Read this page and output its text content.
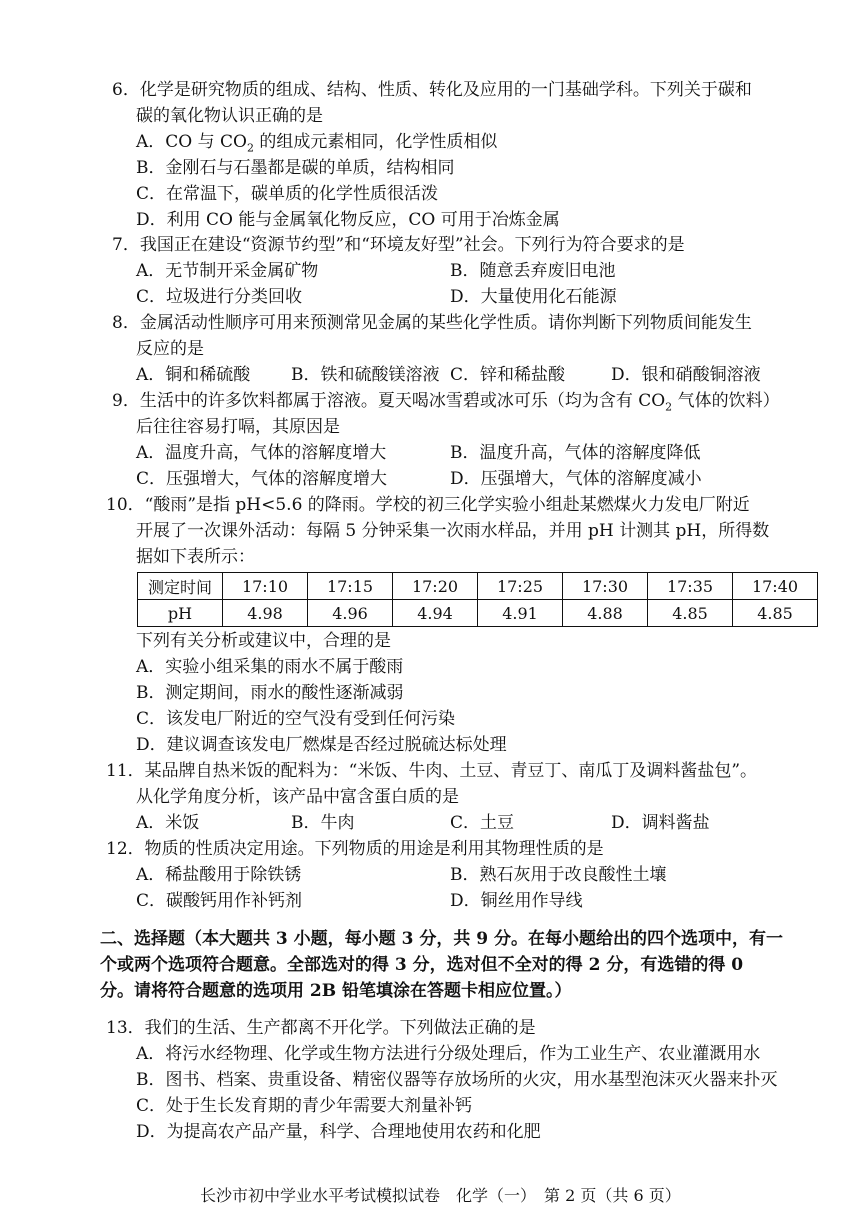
6．化学是研究物质的组成、结构、性质、转化及应用的一门基础学科。下列关于碳和
碳的氧化物认识正确的是
A．CO 与 $CO_2$ 的组成元素相同，化学性质相似
B．金刚石与石墨都是碳的单质，结构相同
C．在常温下，碳单质的化学性质很活泼
D．利用 CO 能与金属氧化物反应，CO 可用于冶炼金属
7．我国正在建设“资源节约型”和“环境友好型”社会。下列行为符合要求的是
A．无节制开采金属矿物	B．随意丢弃废旧电池
C．垃圾进行分类回收	D．大量使用化石能源
8．金属活动性顺序可用来预测常见金属的某些化学性质。请你判断下列物质间能发生
反应的是
A．铜和稀硫酸 B．铁和硫酸镁溶液 C．锌和稀盐酸	D．银和硝酸铜溶液
9．生活中的许多饮料都属于溶液。夏天喝冰雪碧或冰可乐（均为含有 $CO_2$ 气体的饮料）
后往往容易打嗝，其原因是
A．温度升高，气体的溶解度增大	B．温度升高，气体的溶解度降低
C．压强增大，气体的溶解度增大	D．压强增大，气体的溶解度减小
10．“酸雨”是指 pH<5.6 的降雨。学校的初三化学实验小组赴某燃煤火力发电厂附近
开展了一次课外活动：每隔 5 分钟采集一次雨水样品，并用 pH 计测其 pH，所得数
据如下表所示：
测定时间	17:10	17:15	17:20	17:25	17:30	17:35	17:40
pH	4.98	4.96	4.94	4.91	4.88	4.85	4.85
下列有关分析或建议中，合理的是
A．实验小组采集的雨水不属于酸雨
B．测定期间，雨水的酸性逐渐减弱
C．该发电厂附近的空气没有受到任何污染
D．建议调查该发电厂燃煤是否经过脱硫达标处理
11．某品牌自热米饭的配料为：“米饭、牛肉、土豆、青豆丁、南瓜丁及调料酱盐包”。
从化学角度分析，该产品中富含蛋白质的是
A．米饭	B．牛肉	C．土豆	D．调料酱盐
12．物质的性质决定用途。下列物质的用途是利用其物理性质的是
A．稀盐酸用于除铁锈	B．熟石灰用于改良酸性土壤
C．碳酸钙用作补钙剂	D．铜丝用作导线
二、选择题（本大题共 3 小题，每小题 3 分，共 9 分。在每小题给出的四个选项中，有一
个或两个选项符合题意。全部选对的得 3 分，选对但不全对的得 2 分，有选错的得 0
分。请将符合题意的选项用 2B 铅笔填涂在答题卡相应位置。）
13．我们的生活、生产都离不开化学。下列做法正确的是
A．将污水经物理、化学或生物方法进行分级处理后，作为工业生产、农业灌溉用水
B．图书、档案、贵重设备、精密仪器等存放场所的火灾，用水基型泡沫灭火器来扑灭
C．处于生长发育期的青少年需要大剂量补钙
D．为提高农产品产量，科学、合理地使用农药和化肥
长沙市初中学业水平考试模拟试卷　化学（一）　第 2 页（共 6 页）
